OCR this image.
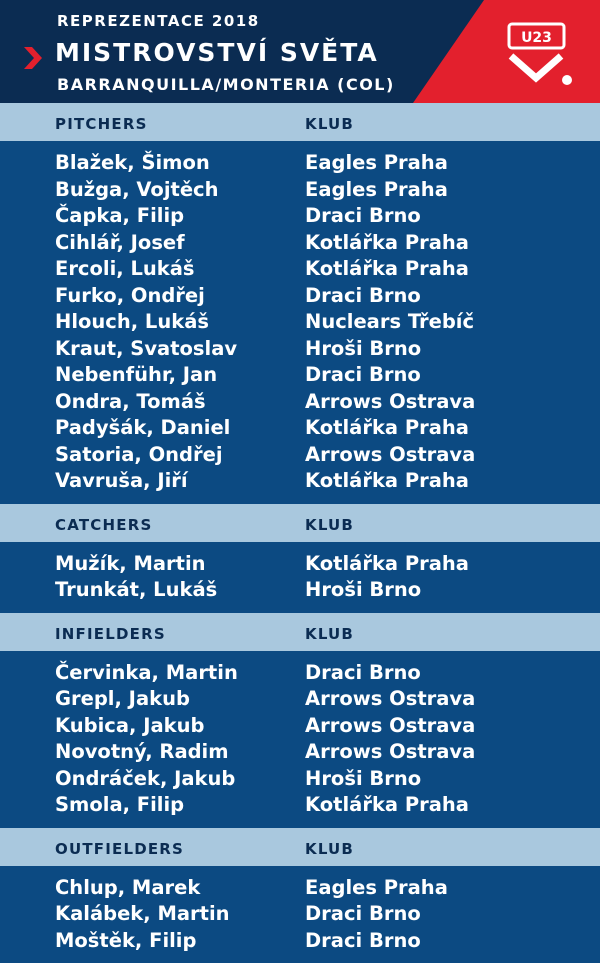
REPREZENTACE 2018
MISTROVSTVÍ SVĚTA
BARRANQUILLA/MONTERIA (COL)
U23
PITCHERS	KLUB
Blažek, Šimon	Eagles Praha
Bužga, Vojtěch	Eagles Praha
Čapka, Filip	Draci Brno
Cihlář, Josef	Kotlářka Praha
Ercoli, Lukáš	Kotlářka Praha
Furko, Ondřej	Draci Brno
Hlouch, Lukáš	Nuclears Třebíč
Kraut, Svatoslav	Hroši Brno
Nebenführ, Jan	Draci Brno
Ondra, Tomáš	Arrows Ostrava
Padyšák, Daniel	Kotlářka Praha
Satoria, Ondřej	Arrows Ostrava
Vavruša, Jiří	Kotlářka Praha
CATCHERS	KLUB
Mužík, Martin	Kotlářka Praha
Trunkát, Lukáš	Hroši Brno
INFIELDERS	KLUB
Červinka, Martin	Draci Brno
Grepl, Jakub	Arrows Ostrava
Kubica, Jakub	Arrows Ostrava
Novotný, Radim	Arrows Ostrava
Ondráček, Jakub	Hroši Brno
Smola, Filip	Kotlářka Praha
OUTFIELDERS	KLUB
Chlup, Marek	Eagles Praha
Kalábek, Martin	Draci Brno
Moštěk, Filip	Draci Brno
